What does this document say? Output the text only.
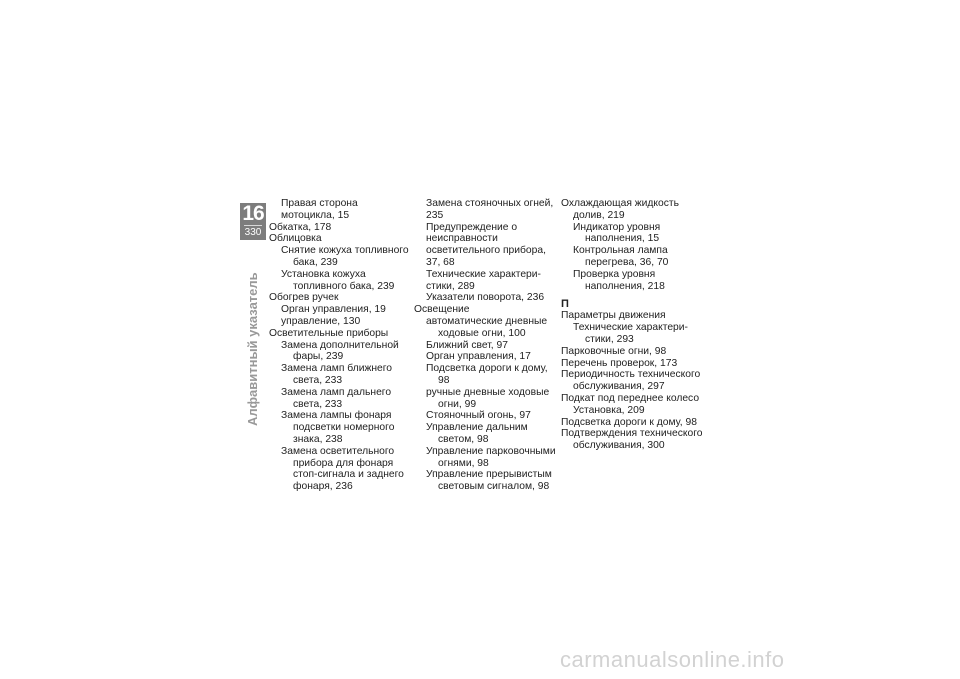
16
330
Алфавитный указатель
Правая сторона мотоцикла, 15
Обкатка, 178
Облицовка
Снятие кожуха топливного бака, 239
Установка кожуха топливного бака, 239
Обогрев ручек
Орган управления, 19
управление, 130
Осветительные приборы
Замена дополнительной фары, 239
Замена ламп ближнего света, 233
Замена ламп дальнего света, 233
Замена лампы фонаря подсветки номерного знака, 238
Замена осветительного прибора для фонаря стоп-сигнала и заднего фонаря, 236
Замена стояночных огней, 235
Предупреждение о неисправности осветительного прибора, 37, 68
Технические характеристики, 289
Указатели поворота, 236
Освещение
автоматические дневные ходовые огни, 100
Ближний свет, 97
Орган управления, 17
Подсветка дороги к дому, 98
ручные дневные ходовые огни, 99
Стояночный огонь, 97
Управление дальним светом, 98
Управление парковочными огнями, 98
Управление прерывистым световым сигналом, 98
Охлаждающая жидкость
долив, 219
Индикатор уровня наполнения, 15
Контрольная лампа перегрева, 36, 70
Проверка уровня наполнения, 218
П
Параметры движения
Технические характеристики, 293
Парковочные огни, 98
Перечень проверок, 173
Периодичность технического обслуживания, 297
Подкат под переднее колесо
Установка, 209
Подсветка дороги к дому, 98
Подтверждения технического обслуживания, 300
carmanualsonline.info
